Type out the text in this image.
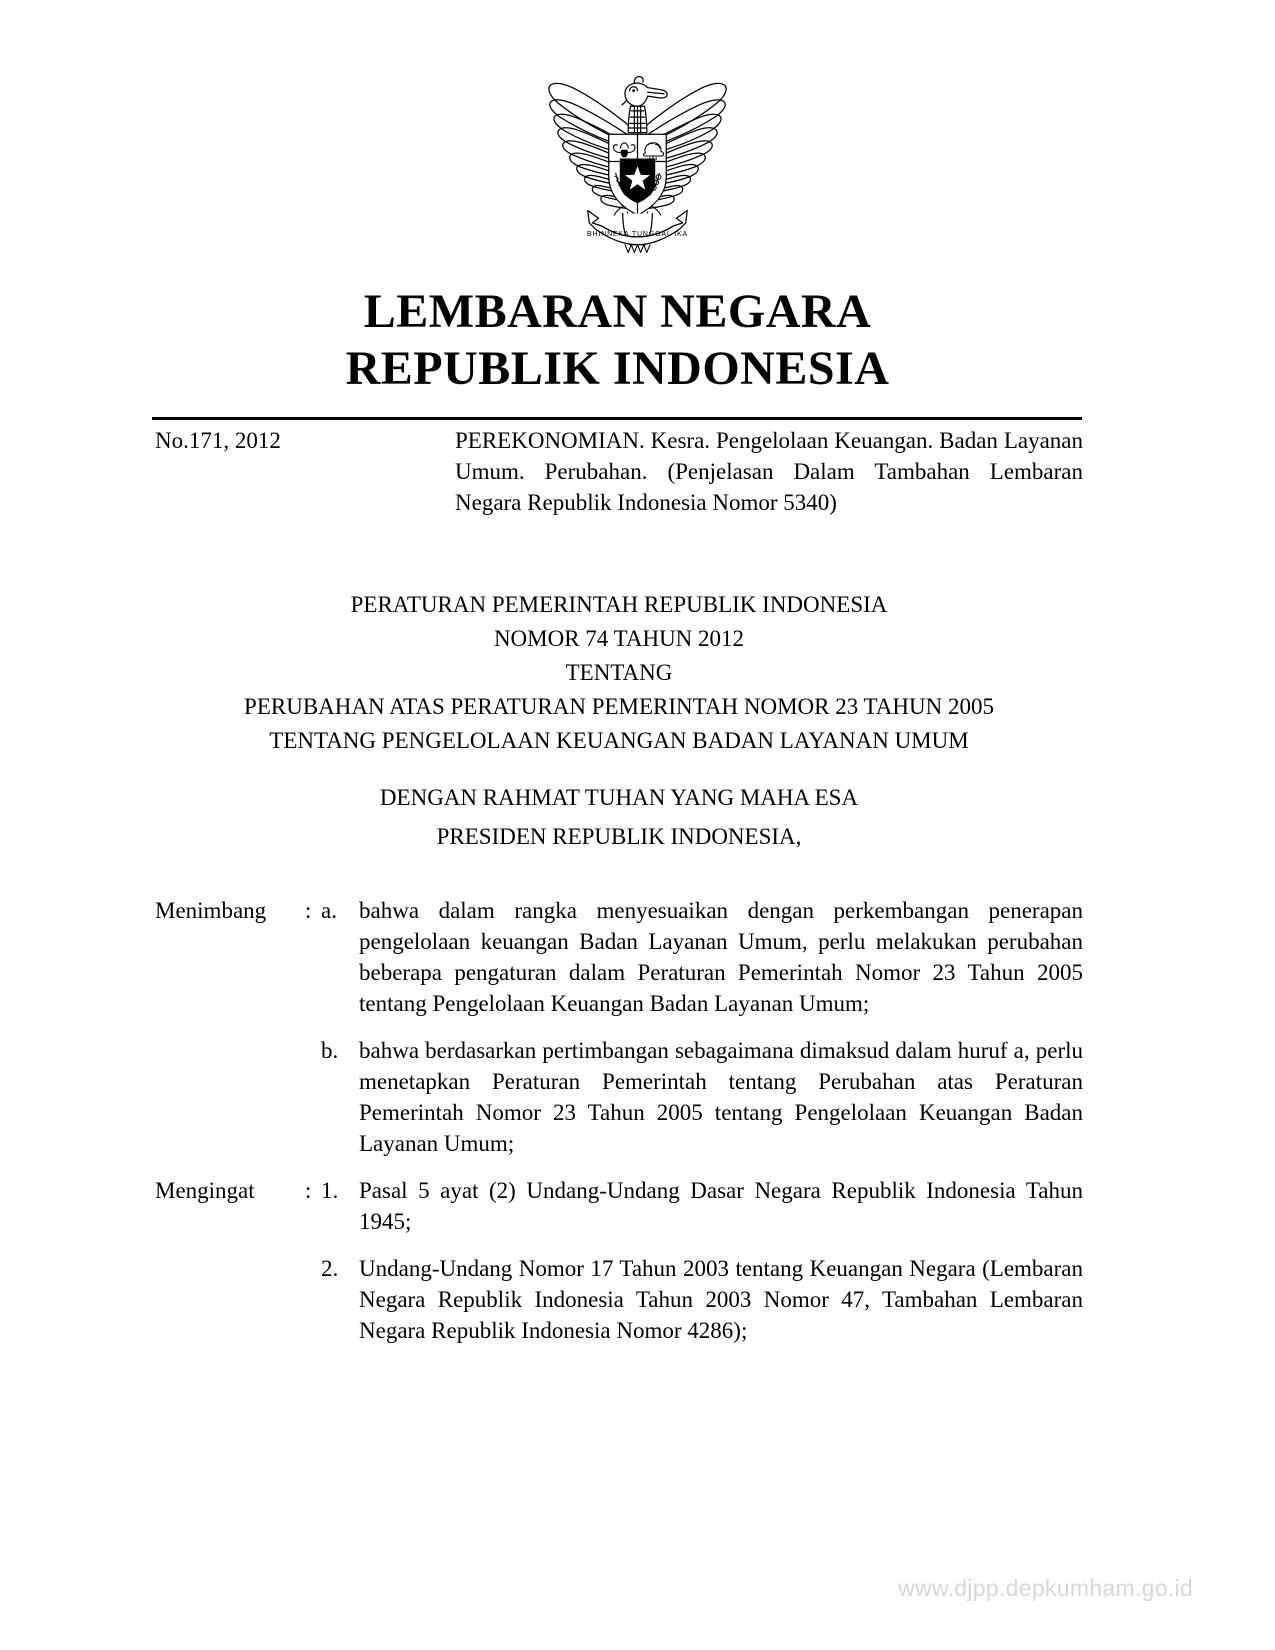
BHINNEKA TUNGGAL IKA
LEMBARAN NEGARA
REPUBLIK INDONESIA
No.171, 2012	PEREKONOMIAN. Kesra. Pengelolaan Keuangan. Badan Layanan Umum. Perubahan. (Penjelasan Dalam Tambahan Lembaran Negara Republik Indonesia Nomor 5340)
PERATURAN PEMERINTAH REPUBLIK INDONESIA
NOMOR 74 TAHUN 2012
TENTANG
PERUBAHAN ATAS PERATURAN PEMERINTAH NOMOR 23 TAHUN 2005
TENTANG PENGELOLAAN KEUANGAN BADAN LAYANAN UMUM
DENGAN RAHMAT TUHAN YANG MAHA ESA
PRESIDEN REPUBLIK INDONESIA,
Menimbang	: a. bahwa dalam rangka menyesuaikan dengan perkembangan penerapan pengelolaan keuangan Badan Layanan Umum, perlu melakukan perubahan beberapa pengaturan dalam Peraturan Pemerintah Nomor 23 Tahun 2005 tentang Pengelolaan Keuangan Badan Layanan Umum;
b. bahwa berdasarkan pertimbangan sebagaimana dimaksud dalam huruf a, perlu menetapkan Peraturan Pemerintah tentang Perubahan atas Peraturan Pemerintah Nomor 23 Tahun 2005 tentang Pengelolaan Keuangan Badan Layanan Umum;
Mengingat	: 1. Pasal 5 ayat (2) Undang-Undang Dasar Negara Republik Indonesia Tahun 1945;
2. Undang-Undang Nomor 17 Tahun 2003 tentang Keuangan Negara (Lembaran Negara Republik Indonesia Tahun 2003 Nomor 47, Tambahan Lembaran Negara Republik Indonesia Nomor 4286);
www.djpp.depkumham.go.id
